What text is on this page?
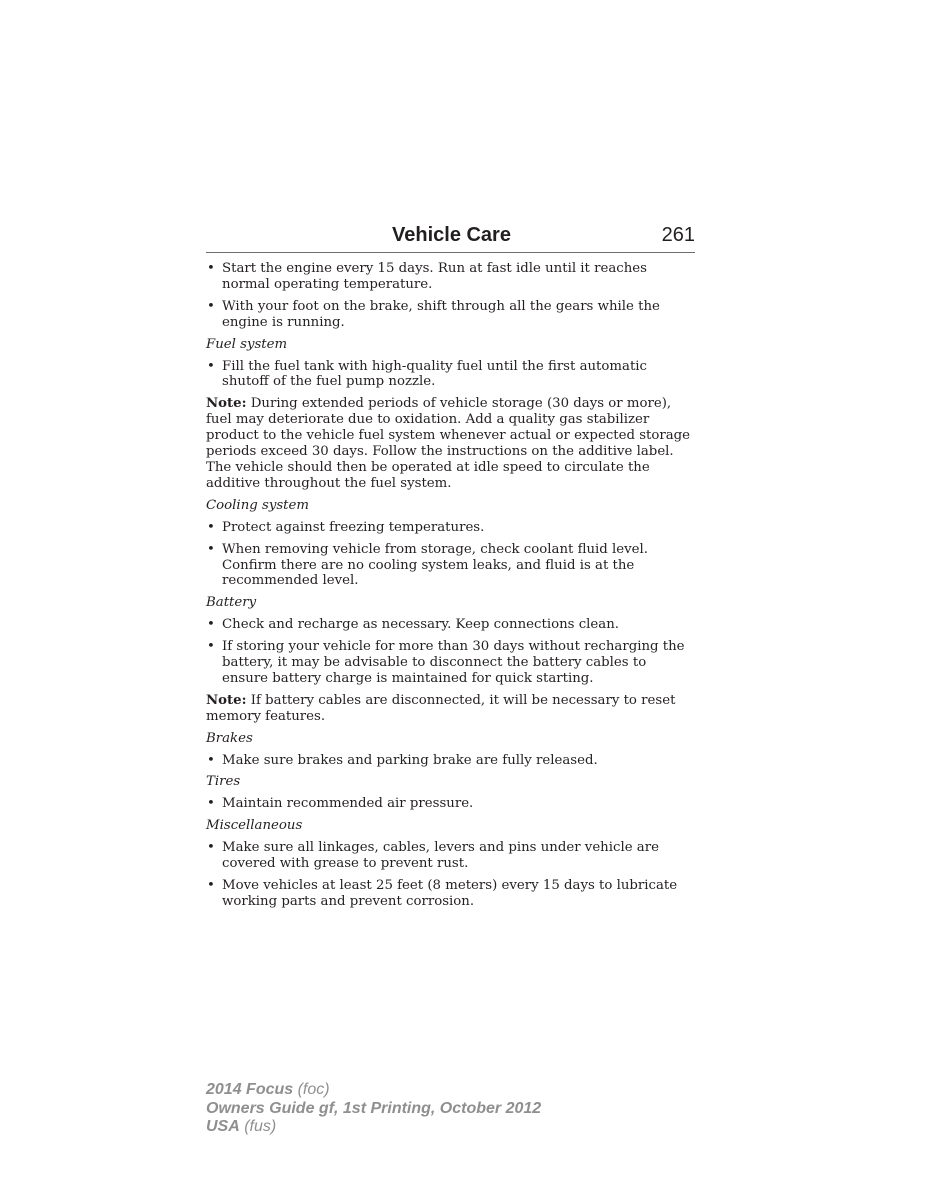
Vehicle Care	261
• Start the engine every 15 days. Run at fast idle until it reaches normal operating temperature.
• With your foot on the brake, shift through all the gears while the engine is running.
Fuel system
• Fill the fuel tank with high-quality fuel until the first automatic shutoff of the fuel pump nozzle.
Note: During extended periods of vehicle storage (30 days or more), fuel may deteriorate due to oxidation. Add a quality gas stabilizer product to the vehicle fuel system whenever actual or expected storage periods exceed 30 days. Follow the instructions on the additive label. The vehicle should then be operated at idle speed to circulate the additive throughout the fuel system.
Cooling system
• Protect against freezing temperatures.
• When removing vehicle from storage, check coolant fluid level. Confirm there are no cooling system leaks, and fluid is at the recommended level.
Battery
• Check and recharge as necessary. Keep connections clean.
• If storing your vehicle for more than 30 days without recharging the battery, it may be advisable to disconnect the battery cables to ensure battery charge is maintained for quick starting.
Note: If battery cables are disconnected, it will be necessary to reset memory features.
Brakes
• Make sure brakes and parking brake are fully released.
Tires
• Maintain recommended air pressure.
Miscellaneous
• Make sure all linkages, cables, levers and pins under vehicle are covered with grease to prevent rust.
• Move vehicles at least 25 feet (8 meters) every 15 days to lubricate working parts and prevent corrosion.
2014 Focus (foc)
Owners Guide gf, 1st Printing, October 2012
USA (fus)
